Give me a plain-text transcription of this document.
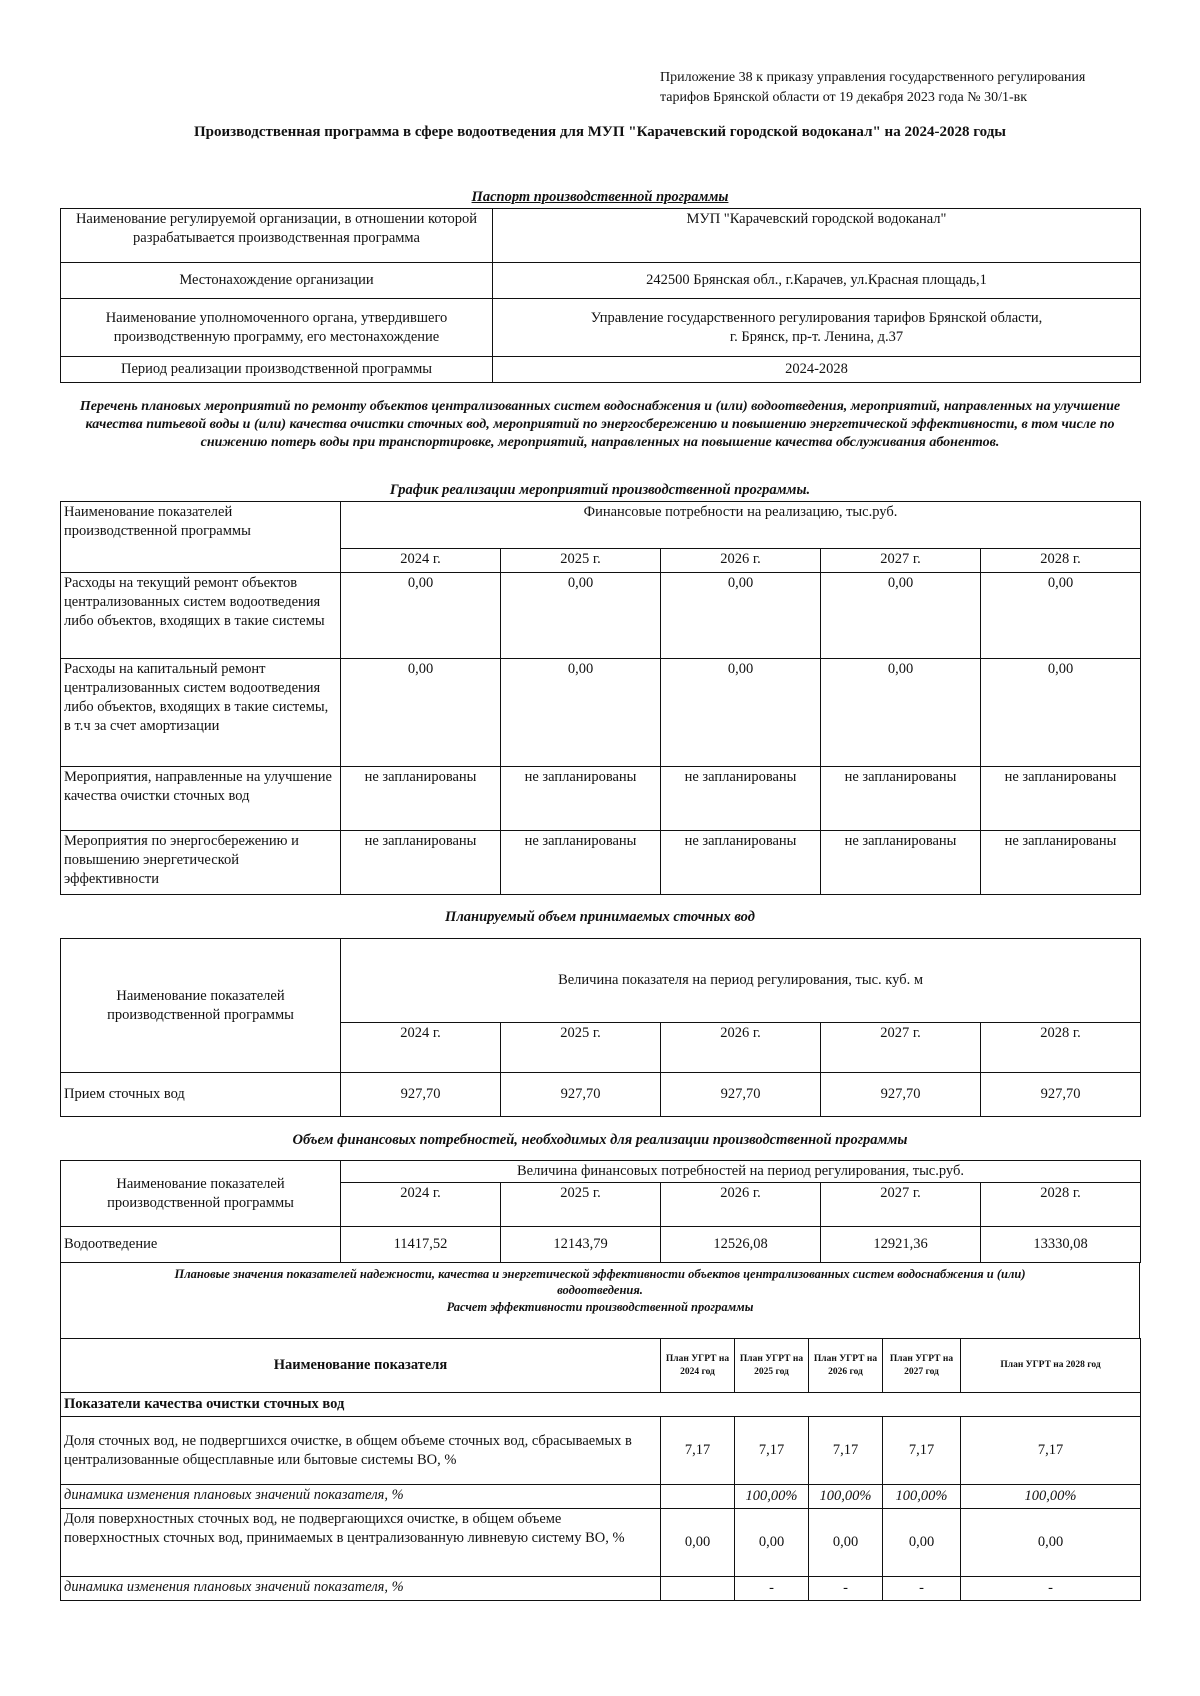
Приложение 38 к приказу управления государственного регулирования
тарифов Брянской области от 19 декабря 2023 года № 30/1-вк
Производственная программа в сфере водоотведения для МУП "Карачевский городской водоканал" на 2024-2028 годы
Паспорт производственной программы
Наименование регулируемой организации, в отношении которой разрабатывается производственная программа	МУП "Карачевский городской водоканал"
Местонахождение организации	242500 Брянская обл., г.Карачев, ул.Красная площадь,1
Наименование уполномоченного органа, утвердившего производственную программу, его местонахождение	Управление государственного регулирования тарифов Брянской области,
г. Брянск, пр-т. Ленина, д.37

Период реализации производственной программы	2024-2028
Перечень плановых мероприятий по ремонту объектов централизованных систем водоснабжения и (или) водоотведения, мероприятий, направленных на улучшение качества питьевой воды и (или) качества очистки сточных вод, мероприятий по энергосбережению и повышению энергетической эффективности, в том числе по снижению потерь воды при транспортировке, мероприятий, направленных на повышение качества обслуживания абонентов.
График реализации мероприятий производственной программы.
Наименование показателей производственной программы	Финансовые потребности на реализацию, тыс.руб.				
	2024 г.	2025 г.	2026 г.	2027 г.	2028 г.
Расходы на текущий ремонт объектов централизованных систем водоотведения либо объектов, входящих в такие системы	0,00	0,00	0,00	0,00	0,00
Расходы на капитальный ремонт централизованных систем водоотведения либо объектов, входящих в такие системы, в т.ч за счет амортизации	0,00	0,00	0,00	0,00	0,00
Мероприятия, направленные на улучшение качества очистки сточных вод	не запланированы	не запланированы	не запланированы	не запланированы	не запланированы
Мероприятия по энергосбережению и повышению энергетической эффективности	не запланированы	не запланированы	не запланированы	не запланированы	не запланированы
Планируемый объем принимаемых сточных вод
Наименование показателей производственной программы	Величина показателя на период регулирования, тыс. куб. м				
	2024 г.	2025 г.	2026 г.	2027 г.	2028 г.
Прием сточных вод	927,70	927,70	927,70	927,70	927,70
Объем финансовых потребностей, необходимых для реализации производственной программы
Наименование показателей производственной программы	Величина финансовых потребностей на период регулирования, тыс.руб.				
	2024 г.	2025 г.	2026 г.	2027 г.	2028 г.
Водоотведение	11417,52	12143,79	12526,08	12921,36	13330,08
Плановые значения показателей надежности, качества и энергетической эффективности объектов централизованных систем водоснабжения и (или)
водоотведения.
Расчет эффективности производственной программы
Наименование показателя	План УГРТ на 2024 год	План УГРТ на 2025 год	План УГРТ на 2026 год	План УГРТ на 2027 год	План УГРТ на 2028 год
Показатели качества очистки сточных вод					
Доля сточных вод, не подвергшихся очистке, в общем объеме сточных вод, сбрасываемых в централизованные общесплавные или бытовые системы ВО, %	7,17	7,17	7,17	7,17	7,17
динамика изменения плановых значений показателя, %		100,00%	100,00%	100,00%	100,00%
Доля поверхностных сточных вод, не подвергающихся очистке, в общем объеме поверхностных сточных вод, принимаемых в централизованную ливневую систему ВО, %	0,00	0,00	0,00	0,00	0,00
динамика изменения плановых значений показателя, %		-	-	-	-
